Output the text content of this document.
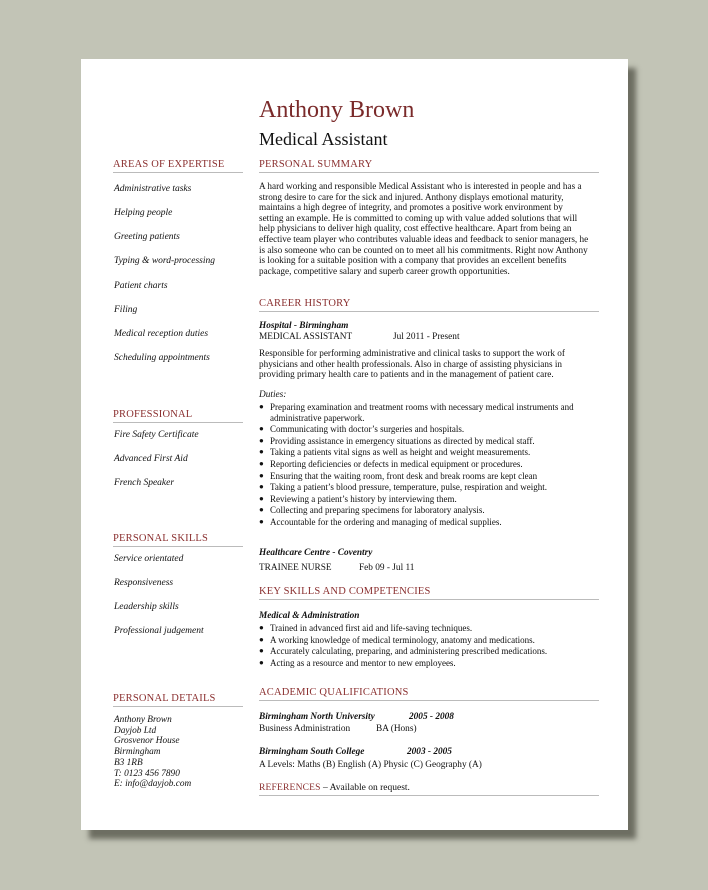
Anthony Brown
Medical Assistant
AREAS OF EXPERTISE
Administrative tasks
Helping people
Greeting patients
Typing & word-processing
Patient charts
Filing
Medical reception duties
Scheduling appointments
PROFESSIONAL
Fire Safety Certificate
Advanced First Aid
French Speaker
PERSONAL SKILLS
Service orientated
Responsiveness
Leadership skills
Professional judgement
PERSONAL DETAILS
Anthony Brown
Dayjob Ltd
Grosvenor House
Birmingham
B3 1RB
T: 0123 456 7890
E: info@dayjob.com
PERSONAL SUMMARY
A hard working and responsible Medical Assistant who is interested in people and has a strong desire to care for the sick and injured. Anthony displays emotional maturity, maintains a high degree of integrity, and promotes a positive work environment by setting an example. He is committed to coming up with value added solutions that will help physicians to deliver high quality, cost effective healthcare. Apart from being an effective team player who contributes valuable ideas and feedback to senior managers, he is also someone who can be counted on to meet all his commitments. Right now Anthony is looking for a suitable position with a company that provides an excellent benefits package, competitive salary and superb career growth opportunities.
CAREER HISTORY
Hospital - Birmingham
MEDICAL ASSISTANT	Jul 2011 - Present
Responsible for performing administrative and clinical tasks to support the work of physicians and other health professionals. Also in charge of assisting physicians in providing primary health care to patients and in the management of patient care.
Duties:
● Preparing examination and treatment rooms with necessary medical instruments and administrative paperwork.
● Communicating with doctor’s surgeries and hospitals.
● Providing assistance in emergency situations as directed by medical staff.
● Taking a patients vital signs as well as height and weight measurements.
● Reporting deficiencies or defects in medical equipment or procedures.
● Ensuring that the waiting room, front desk and break rooms are kept clean
● Taking a patient’s blood pressure, temperature, pulse, respiration and weight.
● Reviewing a patient’s history by interviewing them.
● Collecting and preparing specimens for laboratory analysis.
● Accountable for the ordering and managing of medical supplies.
Healthcare Centre - Coventry
TRAINEE NURSE	Feb 09 - Jul 11
KEY SKILLS AND COMPETENCIES
Medical & Administration
● Trained in advanced first aid and life-saving techniques.
● A working knowledge of medical terminology, anatomy and medications.
● Accurately calculating, preparing, and administering prescribed medications.
● Acting as a resource and mentor to new employees.
ACADEMIC QUALIFICATIONS
Birmingham North University	2005 - 2008
Business Administration	BA (Hons)
Birmingham South College	2003 - 2005
A Levels: Maths (B) English (A) Physic (C) Geography (A)
REFERENCES – Available on request.
